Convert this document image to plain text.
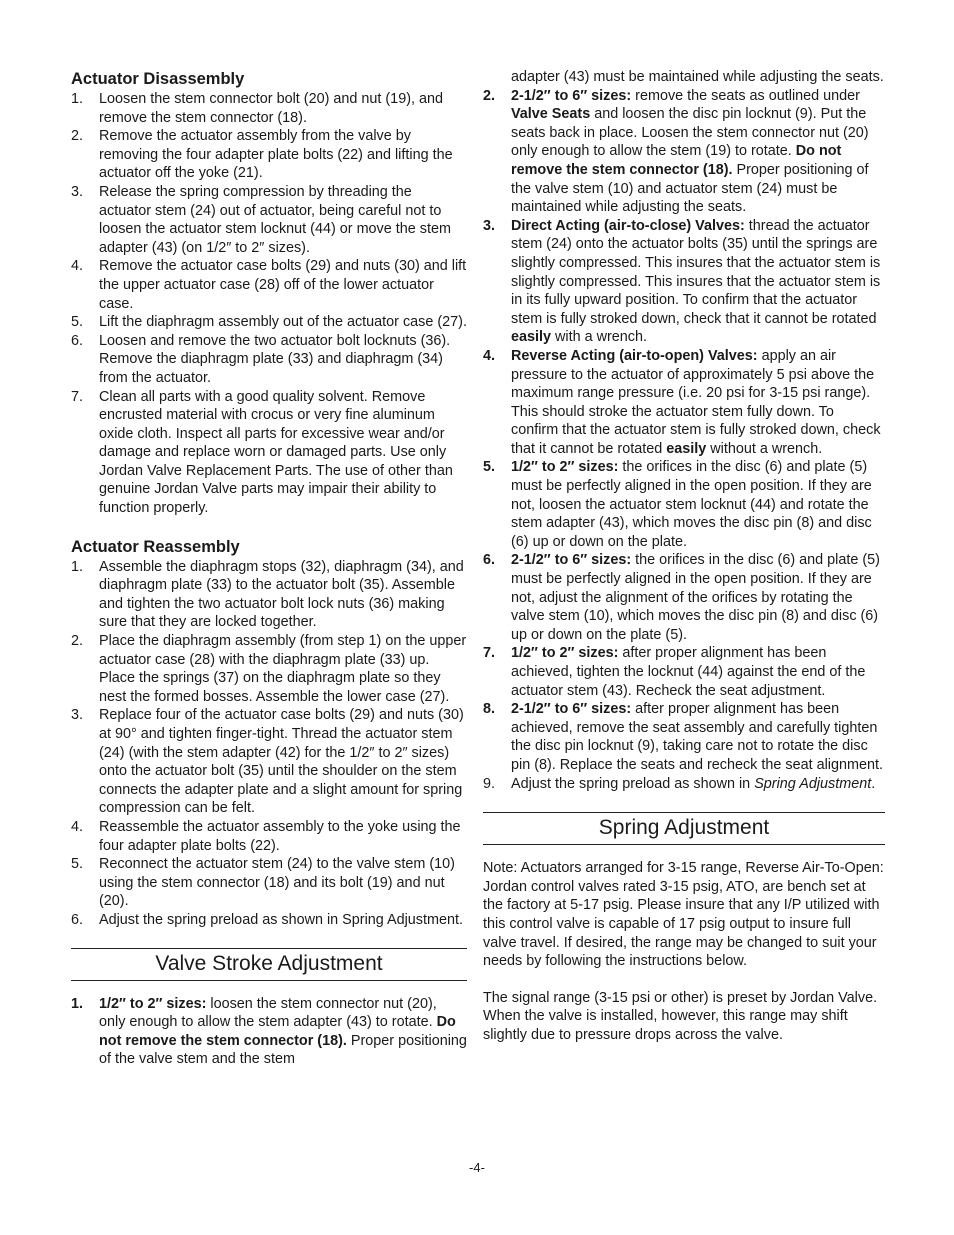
Actuator Disassembly
1. Loosen the stem connector bolt (20) and nut (19), and remove the stem connector (18).
2. Remove the actuator assembly from the valve by removing the four adapter plate bolts (22) and lifting the actuator off the yoke (21).
3. Release the spring compression by threading the actuator stem (24) out of actuator, being careful not to loosen the actuator stem locknut (44) or move the stem adapter (43) (on 1/2″ to 2″ sizes).
4. Remove the actuator case bolts (29) and nuts (30) and lift the upper actuator case (28) off of the lower actuator case.
5. Lift the diaphragm assembly out of the actuator case (27).
6. Loosen and remove the two actuator bolt locknuts (36). Remove the diaphragm plate (33) and diaphragm (34) from the actuator.
7. Clean all parts with a good quality solvent. Remove encrusted material with crocus or very fine aluminum oxide cloth. Inspect all parts for excessive wear and/or damage and replace worn or damaged parts. Use only Jordan Valve Replacement Parts. The use of other than genuine Jordan Valve parts may impair their ability to function properly.
Actuator Reassembly
1. Assemble the diaphragm stops (32), diaphragm (34), and diaphragm plate (33) to the actuator bolt (35). Assemble and tighten the two actuator bolt lock nuts (36) making sure that they are locked together.
2. Place the diaphragm assembly (from step 1) on the upper actuator case (28) with the diaphragm plate (33) up. Place the springs (37) on the diaphragm plate so they nest the formed bosses. Assemble the lower case (27).
3. Replace four of the actuator case bolts (29) and nuts (30) at 90° and tighten finger-tight. Thread the actuator stem (24) (with the stem adapter (42) for the 1/2″ to 2″ sizes) onto the actuator bolt (35) until the shoulder on the stem connects the adapter plate and a slight amount for spring compression can be felt.
4. Reassemble the actuator assembly to the yoke using the four adapter plate bolts (22).
5. Reconnect the actuator stem (24) to the valve stem (10) using the stem connector (18) and its bolt (19) and nut (20).
6. Adjust the spring preload as shown in Spring Adjustment.
Valve Stroke Adjustment
1. 1/2″ to 2″ sizes: loosen the stem connector nut (20), only enough to allow the stem adapter (43) to rotate. Do not remove the stem connector (18). Proper positioning of the valve stem and the stem
adapter (43) must be maintained while adjusting the seats.
2. 2-1/2″ to 6″ sizes: remove the seats as outlined under Valve Seats and loosen the disc pin locknut (9). Put the seats back in place. Loosen the stem connector nut (20) only enough to allow the stem (19) to rotate. Do not remove the stem connector (18). Proper positioning of the valve stem (10) and actuator stem (24) must be maintained while adjusting the seats.
3. Direct Acting (air-to-close) Valves: thread the actuator stem (24) onto the actuator bolts (35) until the springs are slightly compressed. This insures that the actuator stem is slightly compressed. This insures that the actuator stem is in its fully upward position. To confirm that the actuator stem is fully stroked down, check that it cannot be rotated easily with a wrench.
4. Reverse Acting (air-to-open) Valves: apply an air pressure to the actuator of approximately 5 psi above the maximum range pressure (i.e. 20 psi for 3-15 psi range). This should stroke the actuator stem fully down. To confirm that the actuator stem is fully stroked down, check that it cannot be rotated easily without a wrench.
5. 1/2″ to 2″ sizes: the orifices in the disc (6) and plate (5) must be perfectly aligned in the open position. If they are not, loosen the actuator stem locknut (44) and rotate the stem adapter (43), which moves the disc pin (8) and disc (6) up or down on the plate.
6. 2-1/2″ to 6″ sizes: the orifices in the disc (6) and plate (5) must be perfectly aligned in the open position. If they are not, adjust the alignment of the orifices by rotating the valve stem (10), which moves the disc pin (8) and disc (6) up or down on the plate (5).
7. 1/2″ to 2″ sizes: after proper alignment has been achieved, tighten the locknut (44) against the end of the actuator stem (43). Recheck the seat adjustment.
8. 2-1/2″ to 6″ sizes: after proper alignment has been achieved, remove the seat assembly and carefully tighten the disc pin locknut (9), taking care not to rotate the disc pin (8). Replace the seats and recheck the seat alignment.
9. Adjust the spring preload as shown in Spring Adjustment.
Spring Adjustment

Note: Actuators arranged for 3-15 range, Reverse Air-To-Open: Jordan control valves rated 3-15 psig, ATO, are bench set at the factory at 5-17 psig. Please insure that any I/P utilized with this control valve is capable of 17 psig output to insure full valve travel. If desired, the range may be changed to suit your needs by following the instructions below.

The signal range (3-15 psi or other) is preset by Jordan Valve. When the valve is installed, however, this range may shift slightly due to pressure drops across the valve.

-4-
